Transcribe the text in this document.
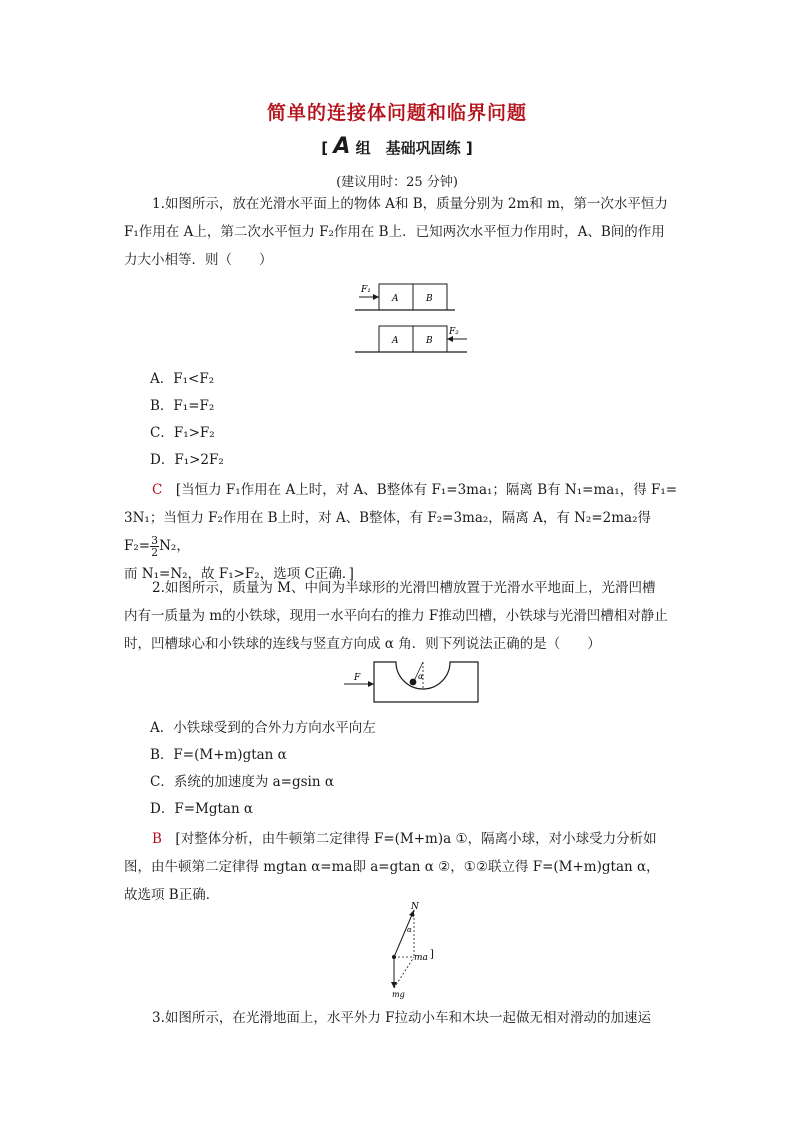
简单的连接体问题和临界问题
[ A 组　基础巩固练 ]
(建议用时：25 分钟)
1.如图所示，放在光滑水平面上的物体 A和 B，质量分别为 2m和 m，第一次水平恒力
F₁作用在 A上，第二次水平恒力 F₂作用在 B上．已知两次水平恒力作用时，A、B间的作用
力大小相等．则（　　）
F₁
A	B
F₂
A	B
A．F₁<F₂
B．F₁=F₂
C．F₁>F₂
D．F₁>2F₂
C　 [当恒力 F₁作用在 A上时，对 A、B整体有 F₁=3ma₁；隔离 B有 N₁=ma₁，得 F₁=
3N₁；当恒力 F₂作用在 B上时，对 A、B整体，有 F₂=3ma₂，隔离 A，有 N₂=2ma₂得 $F_2= \frac{3}{2} N_2$，
而 N₁=N₂，故 F₁>F₂，选项 C正确．]
2.如图所示，质量为 M、中间为半球形的光滑凹槽放置于光滑水平地面上，光滑凹槽
内有一质量为 m的小铁球，现用一水平向右的推力 F推动凹槽，小铁球与光滑凹槽相对静止
时，凹槽球心和小铁球的连线与竖直方向成 α 角．则下列说法正确的是（　　）
F	α
A．小铁球受到的合外力方向水平向左
B．F=(M+m)gtan α
C．系统的加速度为 a=gsin α
D．F=Mgtan α
B　 [对整体分析，由牛顿第二定律得 F=(M+m)a ①，隔离小球，对小球受力分析如
图，由牛顿第二定律得 mgtan α=ma即 a=gtan α ②，①②联立得 F=(M+m)gtan α，
故选项 B正确．
N
α
ma ]
mg
3.如图所示，在光滑地面上，水平外力 F拉动小车和木块一起做无相对滑动的加速运
